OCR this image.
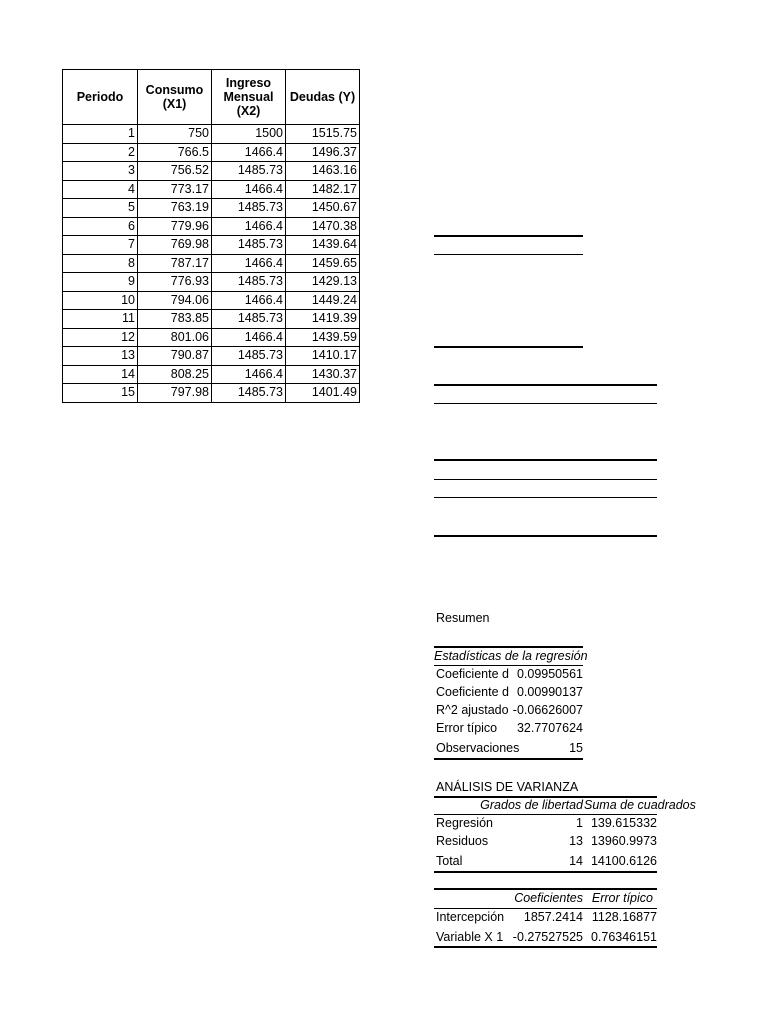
Periodo	Consumo (X1)	Ingreso Mensual (X2)	Deudas (Y)
1	750	1500	1515.75
2	766.5	1466.4	1496.37
3	756.52	1485.73	1463.16
4	773.17	1466.4	1482.17
5	763.19	1485.73	1450.67
6	779.96	1466.4	1470.38
7	769.98	1485.73	1439.64
8	787.17	1466.4	1459.65
9	776.93	1485.73	1429.13
10	794.06	1466.4	1449.24
11	783.85	1485.73	1419.39
12	801.06	1466.4	1439.59
13	790.87	1485.73	1410.17
14	808.25	1466.4	1430.37
15	797.98	1485.73	1401.49
Resumen
Estadísticas de la regresión
Coeficiente d 0.09950561
Coeficiente d 0.00990137
R^2 ajustado -0.06626007
Error típico	32.7707624
Observaciones	15
ANÁLISIS DE VARIANZA
Grados de libertad Suma de cuadrados
Regresión	1 139.615332
Residuos	13 13960.9973
Total	14 14100.6126
Coeficientes Error típico
Intercepción	1857.2414 1128.16877
Variable X 1 -0.27527525 0.76346151
